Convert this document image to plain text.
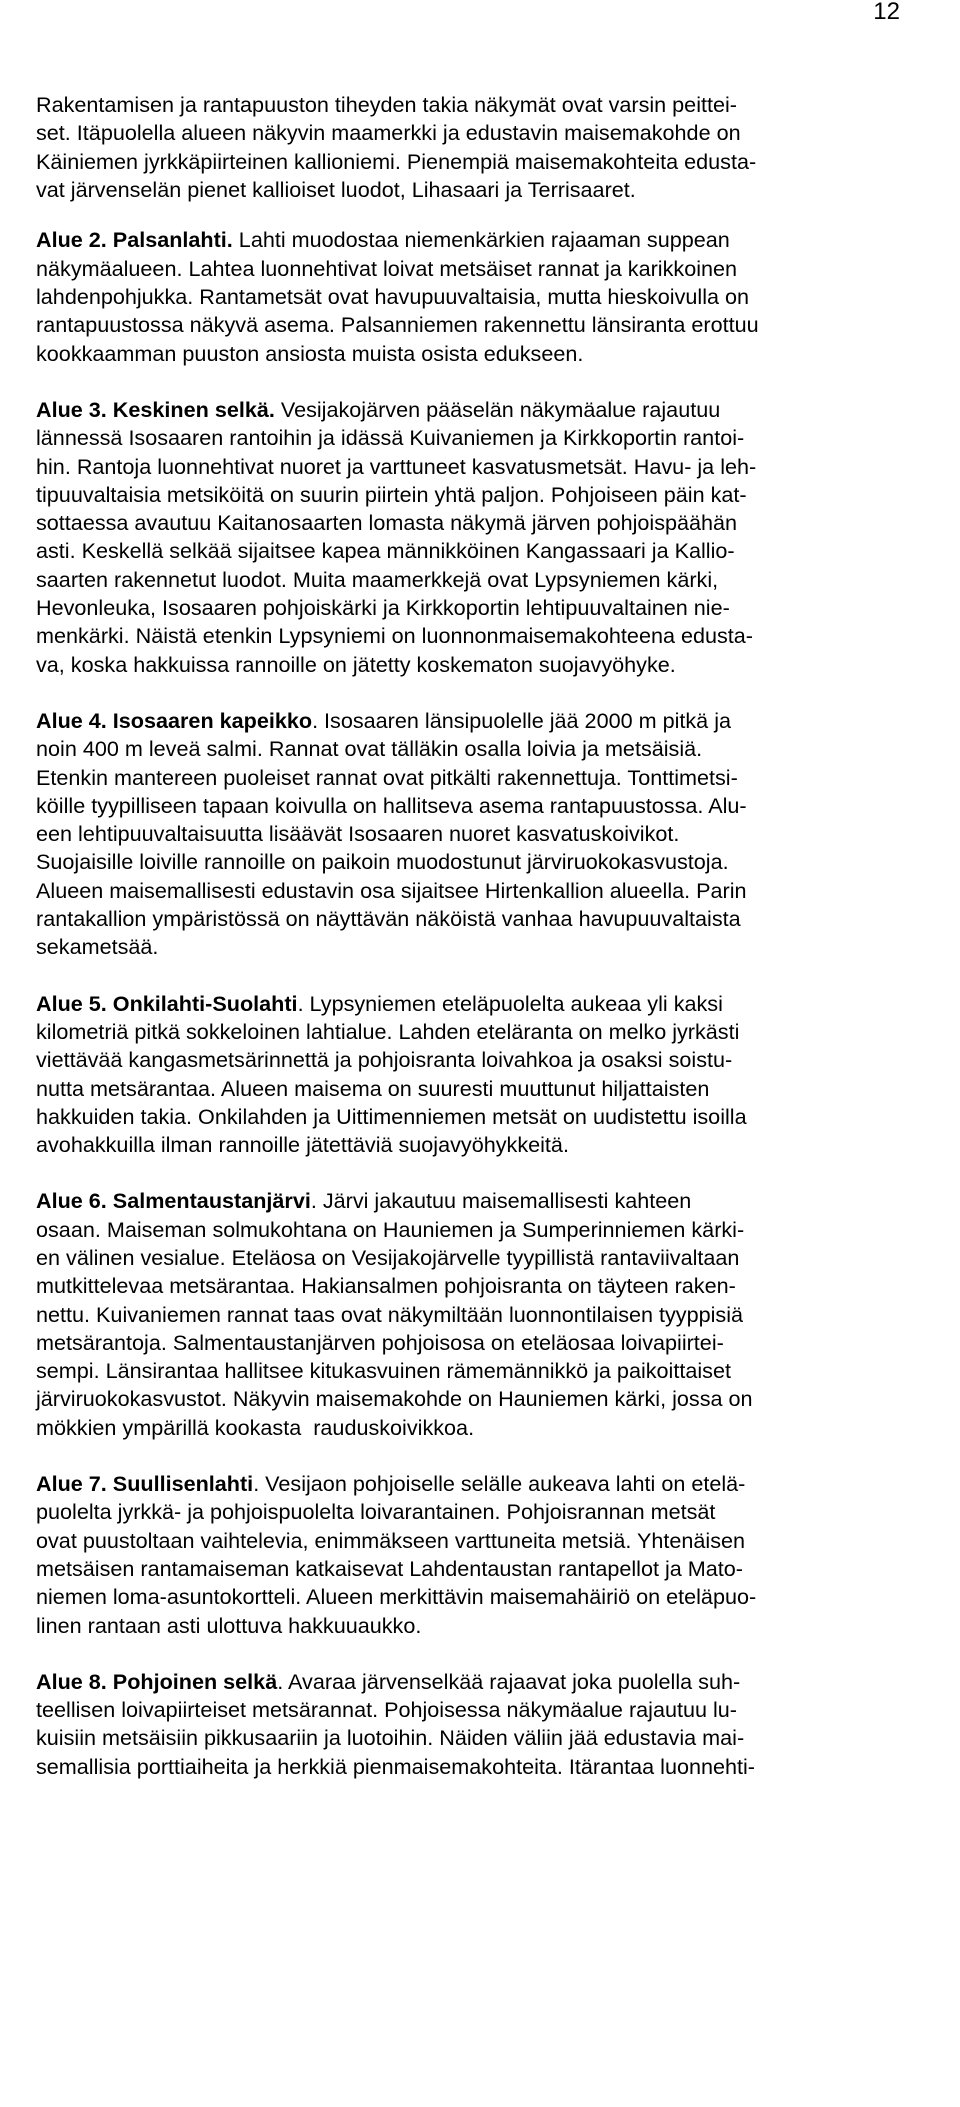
12

Rakentamisen ja rantapuuston tiheyden takia näkymät ovat varsin peittei-
set. Itäpuolella alueen näkyvin maamerkki ja edustavin maisemakohde on
Käiniemen jyrkkäpiirteinen kallioniemi. Pienempiä maisemakohteita edusta-
vat järvenselän pienet kallioiset luodot, Lihasaari ja Terrisaaret.

Alue 2. Palsanlahti. Lahti muodostaa niemenkärkien rajaaman suppean
näkymäalueen. Lahtea luonnehtivat loivat metsäiset rannat ja karikkoinen
lahdenpohjukka. Rantametsät ovat havupuuvaltaisia, mutta hieskoivulla on
rantapuustossa näkyvä asema. Palsanniemen rakennettu länsiranta erottuu
kookkaamman puuston ansiosta muista osista edukseen.

Alue 3. Keskinen selkä. Vesijakojärven pääselän näkymäalue rajautuu
lännessä Isosaaren rantoihin ja idässä Kuivaniemen ja Kirkkoportin rantoi-
hin. Rantoja luonnehtivat nuoret ja varttuneet kasvatusmetsät. Havu- ja leh-
tipuuvaltaisia metsiköitä on suurin piirtein yhtä paljon. Pohjoiseen päin kat-
sottaessa avautuu Kaitanosaarten lomasta näkymä järven pohjoispäähän
asti. Keskellä selkää sijaitsee kapea männikköinen Kangassaari ja Kallio-
saarten rakennetut luodot. Muita maamerkkejä ovat Lypsyniemen kärki,
Hevonleuka, Isosaaren pohjoiskärki ja Kirkkoportin lehtipuuvaltainen nie-
menkärki. Näistä etenkin Lypsyniemi on luonnonmaisemakohteena edusta-
va, koska hakkuissa rannoille on jätetty koskematon suojavyöhyke.

Alue 4. Isosaaren kapeikko. Isosaaren länsipuolelle jää 2000 m pitkä ja
noin 400 m leveä salmi. Rannat ovat tälläkin osalla loivia ja metsäisiä.
Etenkin mantereen puoleiset rannat ovat pitkälti rakennettuja. Tonttimetsi-
köille tyypilliseen tapaan koivulla on hallitseva asema rantapuustossa. Alu-
een lehtipuuvaltaisuutta lisäävät Isosaaren nuoret kasvatuskoivikot.
Suojaisille loiville rannoille on paikoin muodostunut järviruokokasvustoja.
Alueen maisemallisesti edustavin osa sijaitsee Hirtenkallion alueella. Parin
rantakallion ympäristössä on näyttävän näköistä vanhaa havupuuvaltaista
sekametsää.

Alue 5. Onkilahti-Suolahti. Lypsyniemen eteläpuolelta aukeaa yli kaksi
kilometriä pitkä sokkeloinen lahtialue. Lahden eteläranta on melko jyrkästi
viettävää kangasmetsärinnettä ja pohjoisranta loivahkoa ja osaksi soistu-
nutta metsärantaa. Alueen maisema on suuresti muuttunut hiljattaisten
hakkuiden takia. Onkilahden ja Uittimenniemen metsät on uudistettu isoilla
avohakkuilla ilman rannoille jätettäviä suojavyöhykkeitä.

Alue 6. Salmentaustanjärvi. Järvi jakautuu maisemallisesti kahteen
osaan. Maiseman solmukohtana on Hauniemen ja Sumperinniemen kärki-
en välinen vesialue. Eteläosa on Vesijakojärvelle tyypillistä rantaviivaltaan
mutkittelevaa metsärantaa. Hakiansalmen pohjoisranta on täyteen raken-
nettu. Kuivaniemen rannat taas ovat näkymiltään luonnontilaisen tyyppisiä
metsärantoja. Salmentaustanjärven pohjoisosa on eteläosaa loivapiirtei-
sempi. Länsirantaa hallitsee kitukasvuinen rämemännikkö ja paikoittaiset
järviruokokasvustot. Näkyvin maisemakohde on Hauniemen kärki, jossa on
mökkien ympärillä kookasta  rauduskoivikkoa.

Alue 7. Suullisenlahti. Vesijaon pohjoiselle selälle aukeava lahti on etelä-
puolelta jyrkkä- ja pohjoispuolelta loivarantainen. Pohjoisrannan metsät
ovat puustoltaan vaihtelevia, enimmäkseen varttuneita metsiä. Yhtenäisen
metsäisen rantamaiseman katkaisevat Lahdentaustan rantapellot ja Mato-
niemen loma-asuntokortteli. Alueen merkittävin maisemahäiriö on eteläpuo-
linen rantaan asti ulottuva hakkuuaukko.

Alue 8. Pohjoinen selkä. Avaraa järvenselkää rajaavat joka puolella suh-
teellisen loivapiirteiset metsärannat. Pohjoisessa näkymäalue rajautuu lu-
kuisiin metsäisiin pikkusaariin ja luotoihin. Näiden väliin jää edustavia mai-
semallisia porttiaiheita ja herkkiä pienmaisemakohteita. Itärantaa luonnehti-
